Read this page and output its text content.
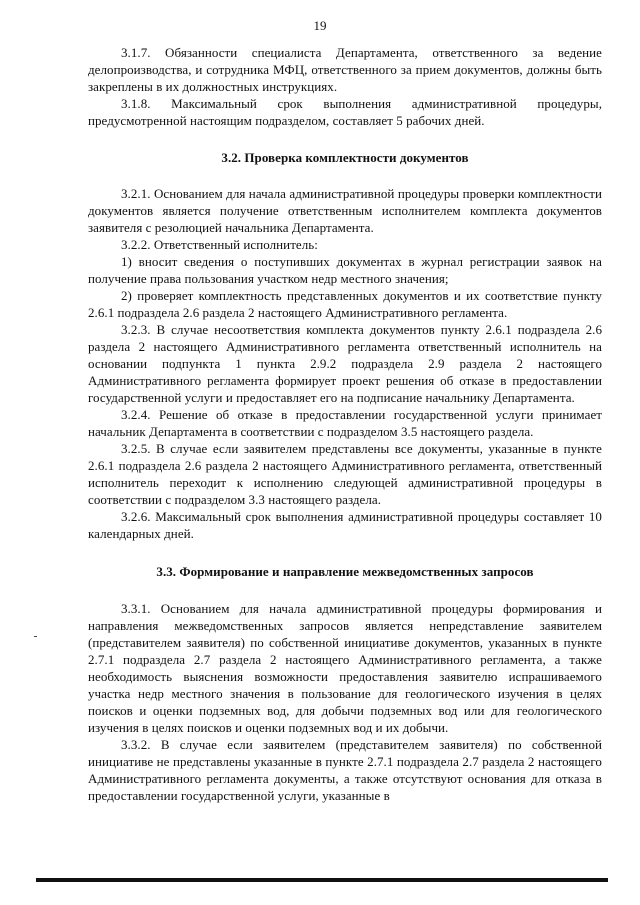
19

3.1.7. Обязанности специалиста Департамента, ответственного за ведение делопроизводства, и сотрудника МФЦ, ответственного за прием документов, должны быть закреплены в их должностных инструкциях.

3.1.8. Максимальный срок выполнения административной процедуры, предусмотренной настоящим подразделом, составляет 5 рабочих дней.

3.2. Проверка комплектности документов

3.2.1. Основанием для начала административной процедуры проверки комплектности документов является получение ответственным исполнителем комплекта документов заявителя с резолюцией начальника Департамента.

3.2.2. Ответственный исполнитель:

1) вносит сведения о поступивших документах в журнал регистрации заявок на получение права пользования участком недр местного значения;

2) проверяет комплектность представленных документов и их соответствие пункту 2.6.1 подраздела 2.6 раздела 2 настоящего Административного регламента.

3.2.3. В случае несоответствия комплекта документов пункту 2.6.1 подраздела 2.6 раздела 2 настоящего Административного регламента ответственный исполнитель на основании подпункта 1 пункта 2.9.2 подраздела 2.9 раздела 2 настоящего Административного регламента формирует проект решения об отказе в предоставлении государственной услуги и предоставляет его на подписание начальнику Департамента.

3.2.4. Решение об отказе в предоставлении государственной услуги принимает начальник Департамента в соответствии с подразделом 3.5 настоящего раздела.

3.2.5. В случае если заявителем представлены все документы, указанные в пункте 2.6.1 подраздела 2.6 раздела 2 настоящего Административного регламента, ответственный исполнитель переходит к исполнению следующей административной процедуры в соответствии с подразделом 3.3 настоящего раздела.

3.2.6. Максимальный срок выполнения административной процедуры составляет 10 календарных дней.

3.3. Формирование и направление межведомственных запросов

3.3.1. Основанием для начала административной процедуры формирования и направления межведомственных запросов является непредставление заявителем (представителем заявителя) по собственной инициативе документов, указанных в пункте 2.7.1 подраздела 2.7 раздела 2 настоящего Административного регламента, а также необходимость выяснения возможности предоставления заявителю испрашиваемого участка недр местного значения в пользование для геологического изучения в целях поисков и оценки подземных вод, для добычи подземных вод или для геологического изучения в целях поисков и оценки подземных вод и их добычи.

3.3.2. В случае если заявителем (представителем заявителя) по собственной инициативе не представлены указанные в пункте 2.7.1 подраздела 2.7 раздела 2 настоящего Административного регламента документы, а также отсутствуют основания для отказа в предоставлении государственной услуги, указанные в
